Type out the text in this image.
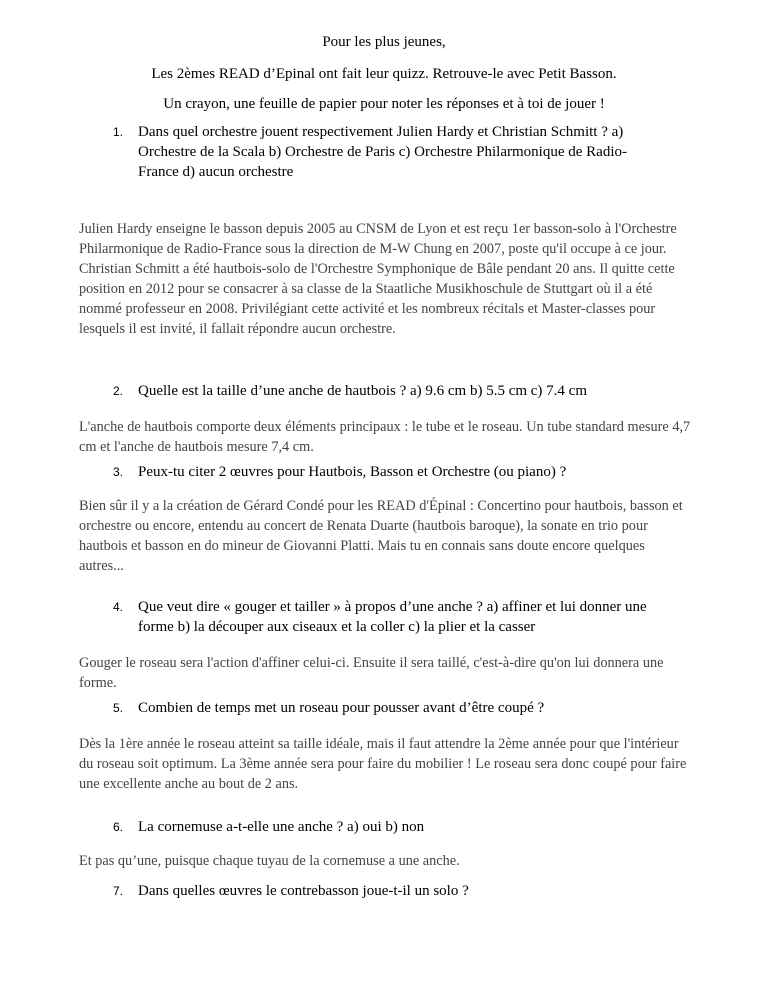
Pour les plus jeunes,
Les 2èmes READ d’Epinal ont fait leur quizz. Retrouve-le avec Petit Basson.
Un crayon, une feuille de papier pour noter les réponses et à toi de jouer !
1. Dans quel orchestre jouent respectivement Julien Hardy et Christian Schmitt ? a) Orchestre de la Scala b) Orchestre de Paris c) Orchestre Philarmonique de Radio-France d) aucun orchestre

Julien Hardy enseigne le basson depuis 2005 au CNSM de Lyon et est reçu 1er basson-solo à l'Orchestre Philarmonique de Radio-France sous la direction de M-W Chung en 2007, poste qu'il occupe à ce jour.

Christian Schmitt a été hautbois-solo de l'Orchestre Symphonique de Bâle pendant 20 ans. Il quitte cette position en 2012 pour se consacrer à sa classe de la Staatliche Musikhoschule de Stuttgart où il a été nommé professeur en 2008. Privilégiant cette activité et les nombreux récitals et Master-classes pour lesquels il est invité, il fallait répondre aucun orchestre.

2. Quelle est la taille d’une anche de hautbois ? a) 9.6 cm b) 5.5 cm c) 7.4 cm

L'anche de hautbois comporte deux éléments principaux : le tube et le roseau. Un tube standard mesure 4,7 cm et l'anche de hautbois mesure 7,4 cm.

3. Peux-tu citer 2 œuvres pour Hautbois, Basson et Orchestre (ou piano) ?

Bien sûr il y a la création de Gérard Condé pour les READ d'Épinal : Concertino pour hautbois, basson et orchestre ou encore, entendu au concert de Renata Duarte (hautbois baroque), la sonate en trio pour hautbois et basson en do mineur de Giovanni Platti. Mais tu en connais sans doute encore quelques autres...

4. Que veut dire « gouger et tailler » à propos d’une anche ? a) affiner et lui donner une forme b) la découper aux ciseaux et la coller c) la plier et la casser

Gouger le roseau sera l'action d'affiner celui-ci. Ensuite il sera taillé, c'est-à-dire qu'on lui donnera une forme.

5. Combien de temps met un roseau pour pousser avant d’être coupé ?

Dès la 1ère année le roseau atteint sa taille idéale, mais il faut attendre la 2ème année pour que l'intérieur du roseau soit optimum. La 3ème année sera pour faire du mobilier ! Le roseau sera donc coupé pour faire une excellente anche au bout de 2 ans.

6. La cornemuse a-t-elle une anche ? a) oui b) non

Et pas qu’une, puisque chaque tuyau de la cornemuse a une anche.

7. Dans quelles œuvres le contrebasson joue-t-il un solo ?
